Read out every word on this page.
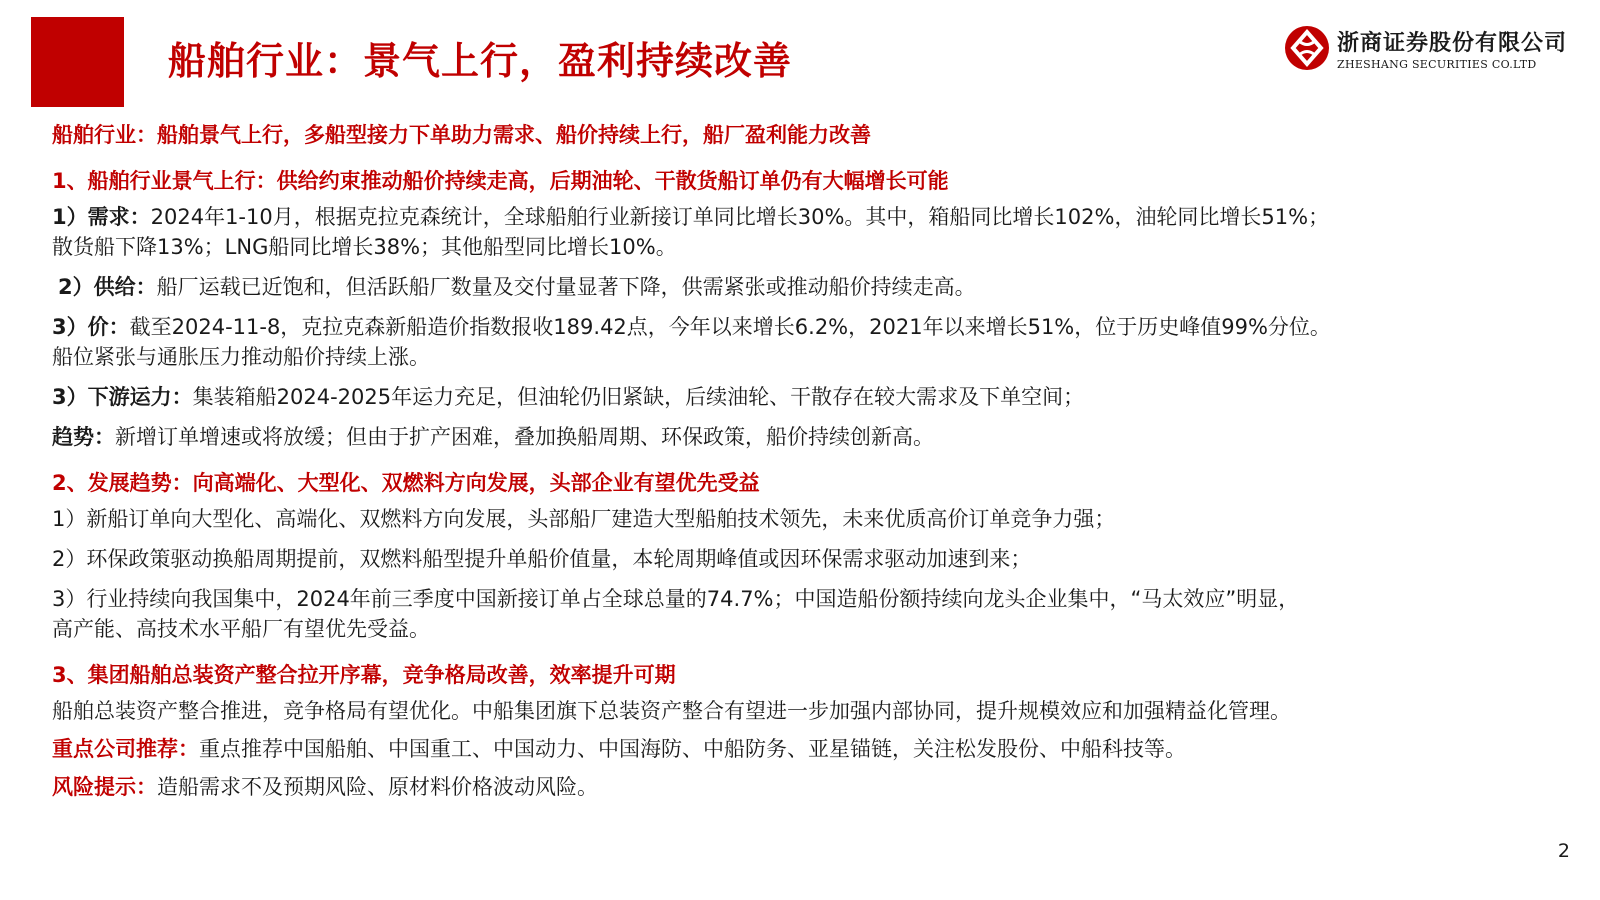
船舶行业：景气上行，盈利持续改善	浙商证券股份有限公司
ZHESHANG SECURITIES CO.LTD
船舶行业：船舶景气上行，多船型接力下单助力需求、船价持续上行，船厂盈利能力改善
1、船舶行业景气上行：供给约束推动船价持续走高，后期油轮、干散货船订单仍有大幅增长可能
1）需求：2024年1-10月，根据克拉克森统计，全球船舶行业新接订单同比增长30%。其中，箱船同比增长102%，油轮同比增长51%；
散货船下降13%；LNG船同比增长38%；其他船型同比增长10%。
2）供给：船厂运载已近饱和，但活跃船厂数量及交付量显著下降，供需紧张或推动船价持续走高。
3）价：截至2024-11-8，克拉克森新船造价指数报收189.42点，今年以来增长6.2%，2021年以来增长51%，位于历史峰值99%分位。
船位紧张与通胀压力推动船价持续上涨。
3）下游运力：集装箱船2024-2025年运力充足，但油轮仍旧紧缺，后续油轮、干散存在较大需求及下单空间；
趋势：新增订单增速或将放缓；但由于扩产困难，叠加换船周期、环保政策，船价持续创新高。
2、发展趋势：向高端化、大型化、双燃料方向发展，头部企业有望优先受益
1）新船订单向大型化、高端化、双燃料方向发展，头部船厂建造大型船舶技术领先，未来优质高价订单竞争力强；
2）环保政策驱动换船周期提前，双燃料船型提升单船价值量，本轮周期峰值或因环保需求驱动加速到来；
3）行业持续向我国集中，2024年前三季度中国新接订单占全球总量的74.7%；中国造船份额持续向龙头企业集中，“马太效应”明显，
高产能、高技术水平船厂有望优先受益。
3、集团船舶总装资产整合拉开序幕，竞争格局改善，效率提升可期
船舶总装资产整合推进，竞争格局有望优化。中船集团旗下总装资产整合有望进一步加强内部协同，提升规模效应和加强精益化管理。
重点公司推荐：重点推荐中国船舶、中国重工、中国动力、中国海防、中船防务、亚星锚链，关注松发股份、中船科技等。
风险提示：造船需求不及预期风险、原材料价格波动风险。
2
